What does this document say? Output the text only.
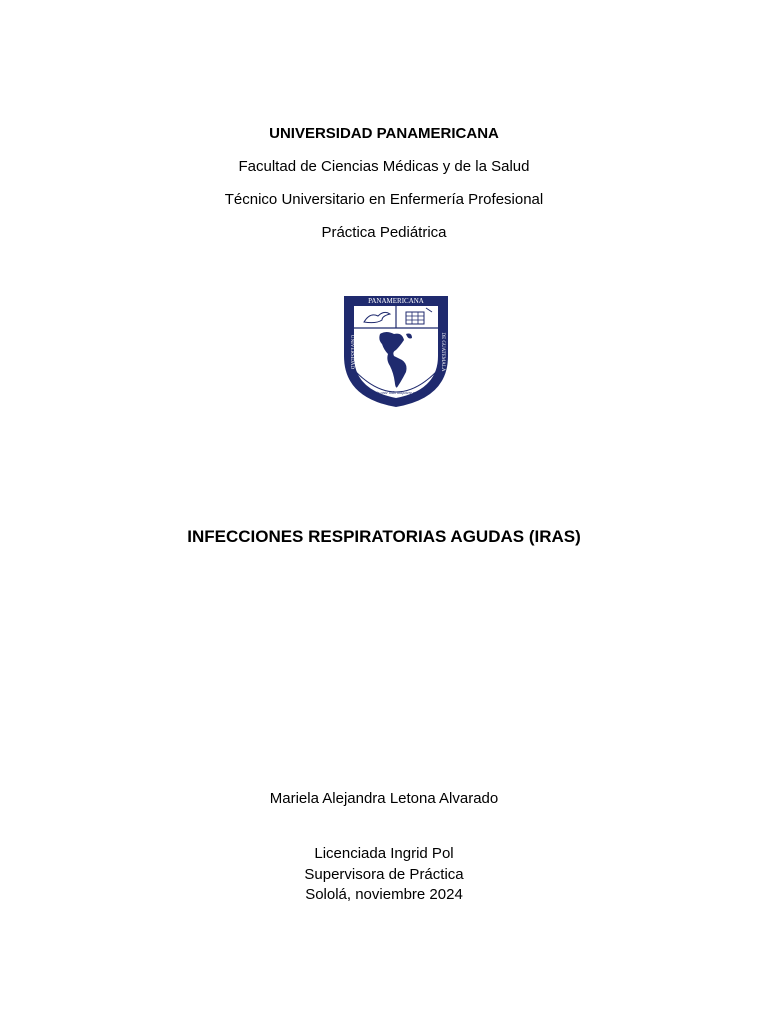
UNIVERSIDAD PANAMERICANA
Facultad de Ciencias Médicas y de la Salud
Técnico Universitario en Enfermería Profesional
Práctica Pediátrica
PANAMERICANA
UNIVERSIDAD	DE GUATEMALA
Sabiduría ante todo adquiere sabiduría
INFECCIONES RESPIRATORIAS AGUDAS (IRAS)
Mariela Alejandra Letona Alvarado
Licenciada Ingrid Pol
Supervisora de Práctica
Sololá, noviembre 2024
